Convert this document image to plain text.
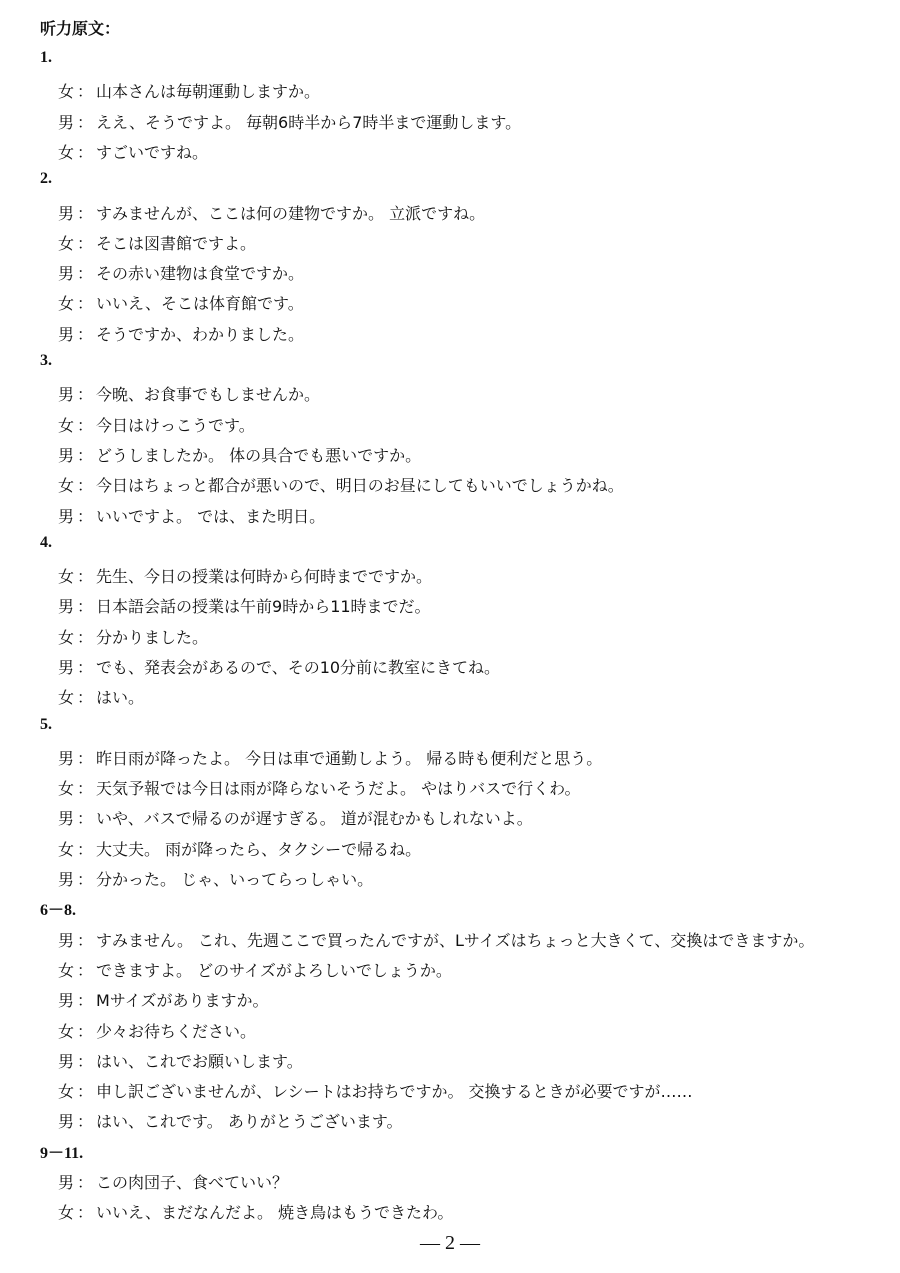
听力原文：
1.
女 ： 山本さんは毎朝運動しますか。
男 ： ええ、そうですよ。 毎朝6時半から7時半まで運動します。
女 ： すごいですね。
2.
男 ： すみませんが、ここは何の建物ですか。 立派ですね。
女 ： そこは図書館ですよ。
男 ： その赤い建物は食堂ですか。
女 ： いいえ、そこは体育館です。
男 ： そうですか、わかりました。
3.
男 ： 今晩、お食事でもしませんか。
女 ： 今日はけっこうです。
男 ： どうしましたか。 体の具合でも悪いですか。
女 ： 今日はちょっと都合が悪いので、明日のお昼にしてもいいでしょうかね。
男 ： いいですよ。 では、また明日。
4.
女 ： 先生、今日の授業は何時から何時までですか。
男 ： 日本語会話の授業は午前9時から11時までだ。
女 ： 分かりました。
男 ： でも、発表会があるので、その10分前に教室にきてね。
女 ： はい。
5.
男 ： 昨日雨が降ったよ。 今日は車で通勤しよう。 帰る時も便利だと思う。
女 ： 天気予報では今日は雨が降らないそうだよ。 やはりバスで行くわ。
男 ： いや、バスで帰るのが遅すぎる。 道が混むかもしれないよ。
女 ： 大丈夫。 雨が降ったら、タクシーで帰るね。
男 ： 分かった。 じゃ、いってらっしゃい。
6－8.
男 ： すみません。 これ、先週ここで買ったんですが、Lサイズはちょっと大きくて、交換はできますか。
女 ： できますよ。 どのサイズがよろしいでしょうか。
男 ： Mサイズがありますか。
女 ： 少々お待ちください。
男 ： はい、これでお願いします。
女 ： 申し訳ございませんが、レシートはお持ちですか。 交換するときが必要ですが……
男 ： はい、これです。 ありがとうございます。
9－11.
男 ： この肉団子、食べていい？
女 ： いいえ、まだなんだよ。 焼き鳥はもうできたわ。
— 2 —
